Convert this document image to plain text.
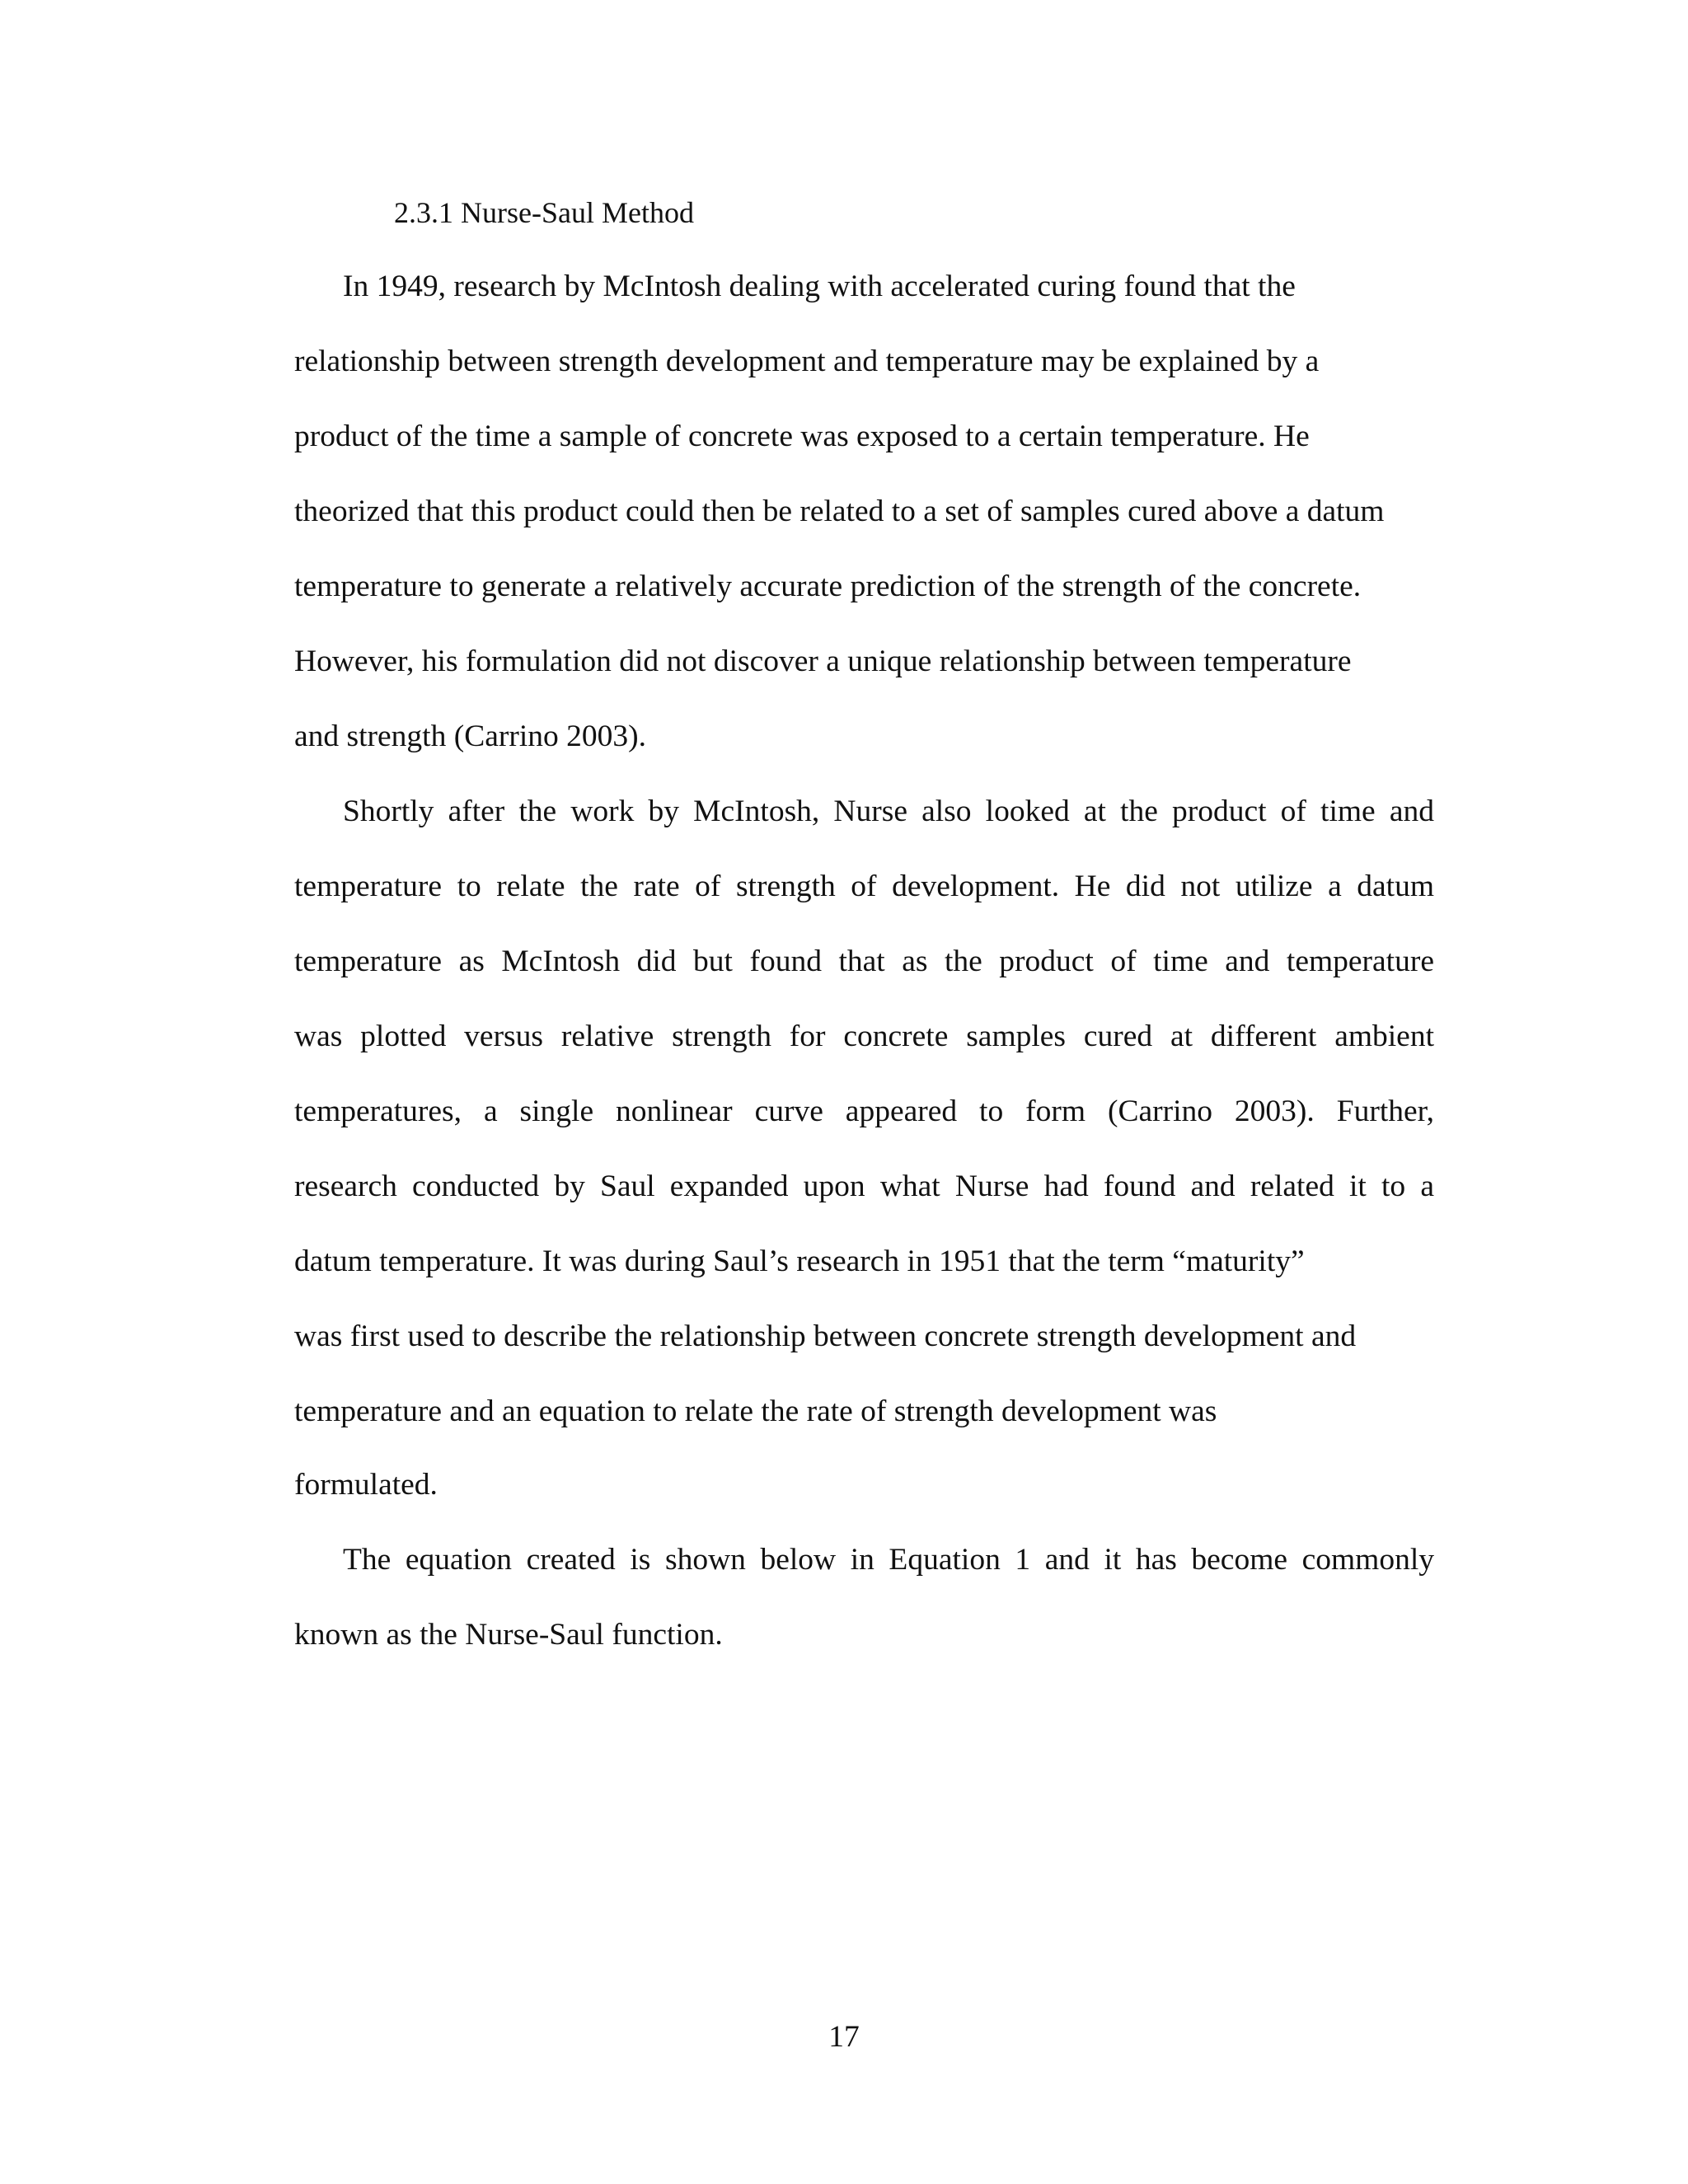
2.3.1 Nurse-Saul Method
In 1949, research by McIntosh dealing with accelerated curing found that the
relationship between strength development and temperature may be explained by a
product of the time a sample of concrete was exposed to a certain temperature. He
theorized that this product could then be related to a set of samples cured above a datum
temperature to generate a relatively accurate prediction of the strength of the concrete.
However, his formulation did not discover a unique relationship between temperature
and strength (Carrino 2003).
Shortly after the work by McIntosh, Nurse also looked at the product of time and
temperature to relate the rate of strength of development. He did not utilize a datum
temperature as McIntosh did but found that as the product of time and temperature
was plotted versus relative strength for concrete samples cured at different ambient
temperatures, a single nonlinear curve appeared to form (Carrino 2003). Further,
research conducted by Saul expanded upon what Nurse had found and related it to a
datum temperature. It was during Saul’s research in 1951 that the term “maturity”
was first used to describe the relationship between concrete strength development and
temperature and an equation to relate the rate of strength development was
formulated.
The equation created is shown below in Equation 1 and it has become commonly
known as the Nurse-Saul function.
17
